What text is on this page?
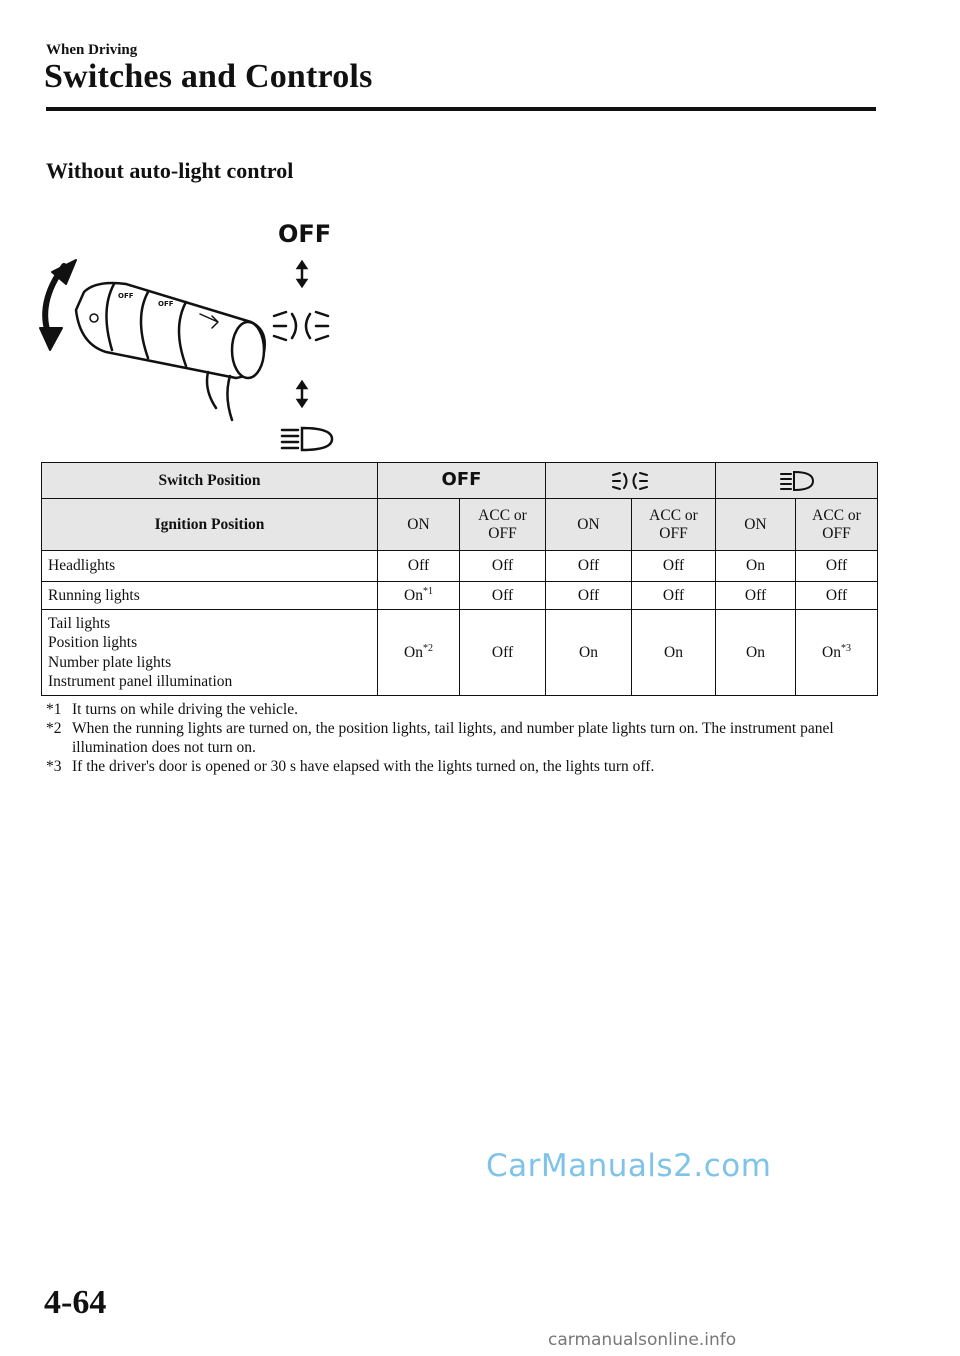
When Driving
Switches and Controls
Without auto-light control
OFF
OFF
OFF
Switch Position	OFF	

Ignition Position	ON	ACC or OFF	ON	ACC or OFF	ON	ACC or OFF
Headlights	Off	Off	Off	Off	On	Off
Running lights	On$^{*1}$	Off	Off	Off	Off	Off

Tail lights
Position lights
Number plate lights
Instrument panel illumination	On$^{*2}$	Off	On	On	On	On$^{*3}$
*1 It turns on while driving the vehicle.
*2 When the running lights are turned on, the position lights, tail lights, and number plate lights turn on. The instrument panel illumination does not turn on.
*3 If the driver's door is opened or 30 s have elapsed with the lights turned on, the lights turn off.
CarManuals2.com
4-64
carmanualsonline.info
